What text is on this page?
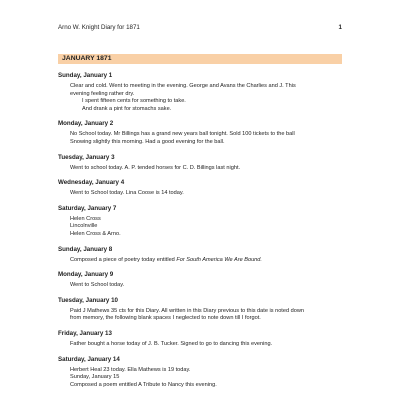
Arno W. Knight Diary for 1871	1
JANUARY 1871
Sunday, January 1
Clear and cold. Went to meeting in the evening. George and Avans the Charlies and J. This
evening feeling rather dry.
I spent fifteen cents for something to take.
And drank a pint for stomachs sake.
Monday, January 2
No School today. Mr Billings has a grand new years ball tonight. Sold 100 tickets to the ball
Snowing slightly this morning. Had a good evening for the ball.
Tuesday, January 3
Went to school today. A. P. tended horses for C. D. Billings last night.
Wednesday, January 4
Went to School today. Lina Coose is 14 today.
Saturday, January 7
Helen Cross
Lincolnville
Helen Cross & Arno.
Sunday, January 8
Composed a piece of poetry today entitled For South America We Are Bound.
Monday, January 9
Went to School today.
Tuesday, January 10
Paid J Mathews 35 cts for this Diary. All written in this Diary previous to this date is noted down
from memory, the following blank spaces I neglected to note down till I forgot.
Friday, January 13
Father bought a horse today of J. B. Tucker. Signed to go to dancing this evening.
Saturday, January 14
Herbert Heal 23 today. Ella Mathews is 19 today.
Sunday, January 15
Composed a poem entitled A Tribute to Nancy this evening.
